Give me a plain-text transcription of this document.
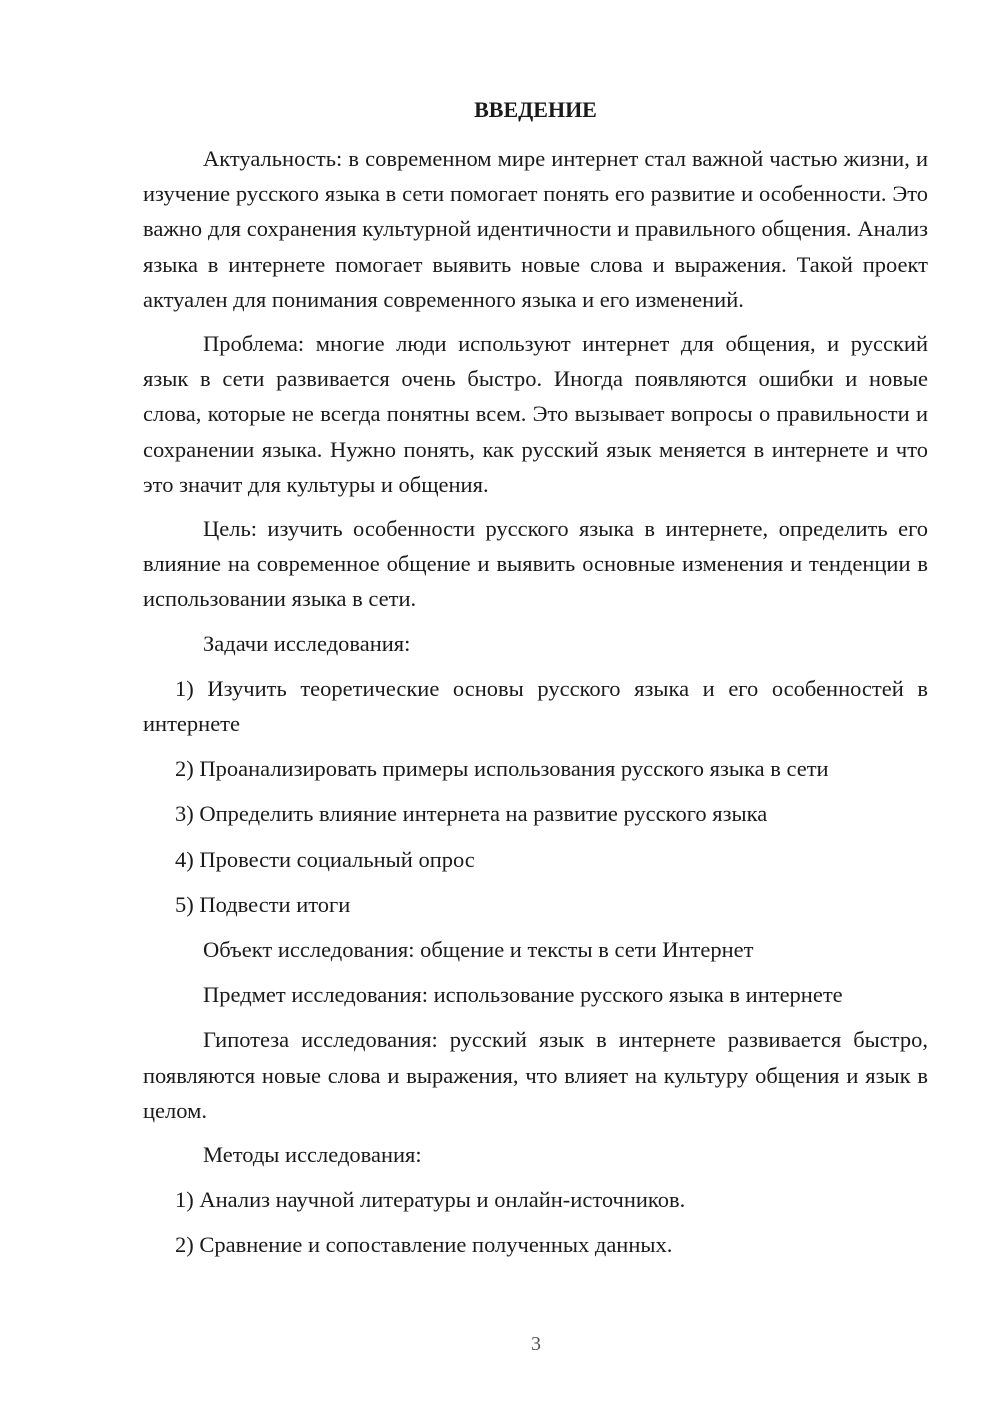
ВВЕДЕНИЕ

Актуальность: в современном мире интернет стал важной частью жизни, и изучение русского языка в сети помогает понять его развитие и особенности. Это важно для сохранения культурной идентичности и правильного общения. Анализ языка в интернете помогает выявить новые слова и выражения. Такой проект актуален для понимания современного языка и его изменений.

Проблема: многие люди используют интернет для общения, и русский язык в сети развивается очень быстро. Иногда появляются ошибки и новые слова, которые не всегда понятны всем. Это вызывает вопросы о правильности и сохранении языка. Нужно понять, как русский язык меняется в интернете и что это значит для культуры и общения.

Цель: изучить особенности русского языка в интернете, определить его влияние на современное общение и выявить основные изменения и тенденции в использовании языка в сети.

Задачи исследования:

1) Изучить теоретические основы русского языка и его особенностей в интернете

2) Проанализировать примеры использования русского языка в сети

3) Определить влияние интернета на развитие русского языка

4) Провести социальный опрос

5) Подвести итоги

Объект исследования: общение и тексты в сети Интернет

Предмет исследования: использование русского языка в интернете

Гипотеза исследования: русский язык в интернете развивается быстро, появляются новые слова и выражения, что влияет на культуру общения и язык в целом.

Методы исследования:

1) Анализ научной литературы и онлайн-источников.

2) Сравнение и сопоставление полученных данных.

3
